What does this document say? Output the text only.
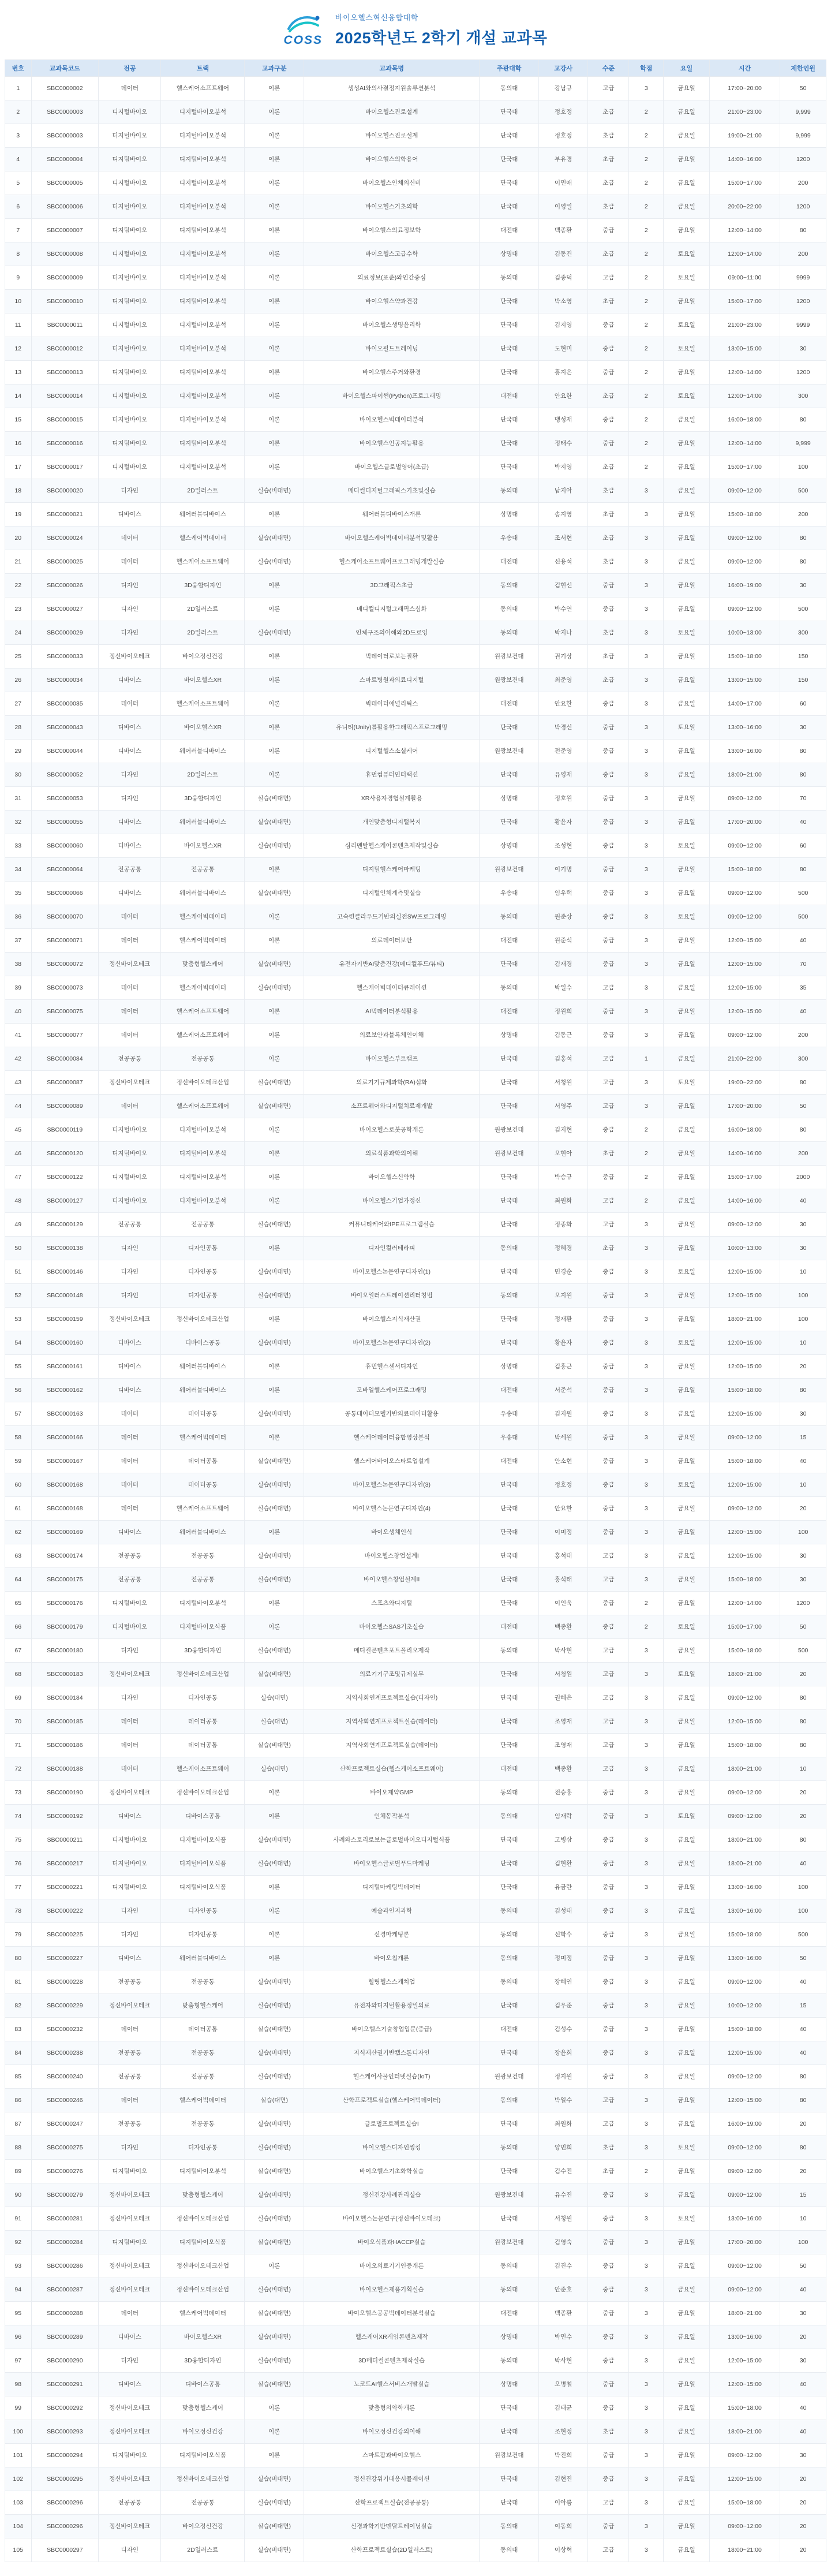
COSS
바이오헬스혁신융합대학
2025학년도 2학기 개설 교과목
번호	교과목코드	전공	트랙	교과구분	교과목명	주관대학	교강사	수준	학점	요일	시간	제한인원
1	SBC0000002	데이터	헬스케어소프트웨어	이론	생성AI와의사결정지원솔루션분석	동의대	강남규	고급	3	금요일	17:00~20:00	50
2	SBC0000003	디지털바이오	디지털바이오분석	이론	바이오헬스진로설계	단국대	정호정	초급	2	금요일	21:00~23:00	9,999
3	SBC0000003	디지털바이오	디지털바이오분석	이론	바이오헬스진로설계	단국대	정호정	초급	2	금요일	19:00~21:00	9,999
4	SBC0000004	디지털바이오	디지털바이오분석	이론	바이오헬스의학용어	단국대	부유경	초급	2	금요일	14:00~16:00	1200
5	SBC0000005	디지털바이오	디지털바이오분석	이론	바이오헬스인체의신비	단국대	이민애	초급	2	금요일	15:00~17:00	200
6	SBC0000006	디지털바이오	디지털바이오분석	이론	바이오헬스기초의학	단국대	이영일	초급	2	금요일	20:00~22:00	1200
7	SBC0000007	디지털바이오	디지털바이오분석	이론	바이오헬스의료정보학	대전대	백종환	중급	2	금요일	12:00~14:00	80
8	SBC0000008	디지털바이오	디지털바이오분석	이론	바이오헬스고급수학	상명대	김동건	초급	2	토요일	12:00~14:00	200
9	SBC0000009	디지털바이오	디지털바이오분석	이론	의료정보(표준)와인간중심	동의대	김종덕	고급	2	토요일	09:00~11:00	9999
10	SBC0000010	디지털바이오	디지털바이오분석	이론	바이오헬스약과건강	단국대	박소영	초급	2	금요일	15:00~17:00	1200
11	SBC0000011	디지털바이오	디지털바이오분석	이론	바이오헬스생명윤리학	단국대	김지영	중급	2	토요일	21:00~23:00	9999
12	SBC0000012	디지털바이오	디지털바이오분석	이론	바이오필드트레이닝	단국대	도현미	중급	2	토요일	13:00~15:00	30
13	SBC0000013	디지털바이오	디지털바이오분석	이론	바이오헬스주거와환경	단국대	홍지은	중급	2	금요일	12:00~14:00	1200
14	SBC0000014	디지털바이오	디지털바이오분석	이론	바이오헬스파이썬(Python)프로그래밍	대전대	안요한	초급	2	토요일	12:00~14:00	300
15	SBC0000015	디지털바이오	디지털바이오분석	이론	바이오헬스빅데이터분석	단국대	맹성재	중급	2	금요일	16:00~18:00	80
16	SBC0000016	디지털바이오	디지털바이오분석	이론	바이오헬스인공지능활용	단국대	정태수	중급	2	금요일	12:00~14:00	9,999
17	SBC0000017	디지털바이오	디지털바이오분석	이론	바이오헬스글로벌영어(초급)	단국대	박지영	초급	2	금요일	15:00~17:00	100
18	SBC0000020	디자인	2D일러스트	실습(비대면)	메디컬디지털그래픽스기초및실습	동의대	남지아	초급	3	금요일	09:00~12:00	500
19	SBC0000021	디바이스	웨어러블디바이스	이론	웨어러블디바이스개론	상명대	송지영	초급	3	금요일	15:00~18:00	200
20	SBC0000024	데이터	헬스케어빅데이터	실습(비대면)	바이오헬스케어빅데이터분석및활용	우송대	조서현	초급	3	금요일	09:00~12:00	80
21	SBC0000025	데이터	헬스케어소프트웨어	실습(비대면)	헬스케어소프트웨어프로그래밍개발실습	대전대	신용석	초급	3	금요일	09:00~12:00	80
22	SBC0000026	디자인	3D융합디자인	이론	3D그래픽스초급	동의대	김현선	중급	3	금요일	16:00~19:00	30
23	SBC0000027	디자인	2D일러스트	이론	메디컬디지털그래픽스심화	동의대	박수연	중급	3	금요일	09:00~12:00	500
24	SBC0000029	디자인	2D일러스트	실습(비대면)	인체구조의이해와2D드로잉	동의대	박지나	초급	3	토요일	10:00~13:00	300
25	SBC0000033	정신바이오테크	바이오정신건강	이론	빅데이터로보는질환	원광보건대	권기상	초급	3	금요일	15:00~18:00	150
26	SBC0000034	디바이스	바이오헬스XR	이론	스마트병원과의료디지털	원광보건대	최준영	초급	3	금요일	13:00~15:00	150
27	SBC0000035	데이터	헬스케어소프트웨어	이론	빅데이터애널리틱스	대전대	안요한	중급	3	금요일	14:00~17:00	60
28	SBC0000043	디바이스	바이오헬스XR	이론	유니티(Unity)를활용한그래픽스프로그래밍	단국대	박경신	중급	3	토요일	13:00~16:00	30
29	SBC0000044	디바이스	웨어러블디바이스	이론	디지털헬스소셜케어	원광보건대	전준영	중급	3	금요일	13:00~16:00	80
30	SBC0000052	디자인	2D일러스트	이론	휴먼컴퓨터인터랙션	단국대	유영재	중급	3	금요일	18:00~21:00	80
31	SBC0000053	디자인	3D융합디자인	실습(비대면)	XR사용자경험설계활용	상명대	정호원	중급	3	금요일	09:00~12:00	70
32	SBC0000055	디바이스	웨어러블디바이스	실습(비대면)	개인맞춤형디지털복지	단국대	황윤자	중급	3	금요일	17:00~20:00	40
33	SBC0000060	디바이스	바이오헬스XR	실습(비대면)	심리멘탈헬스케어콘텐츠제작및실습	상명대	조성현	중급	3	토요일	09:00~12:00	60
34	SBC0000064	전공공통	전공공통	이론	디지털헬스케어마케팅	원광보건대	이기명	중급	3	금요일	15:00~18:00	80
35	SBC0000066	디바이스	웨어러블디바이스	실습(비대면)	디지털인체계측및실습	우송대	임우택	중급	3	금요일	09:00~12:00	500
36	SBC0000070	데이터	헬스케어빅데이터	이론	고숙련클라우드기반의실전SW프로그래밍	동의대	원준상	중급	3	토요일	09:00~12:00	500
37	SBC0000071	데이터	헬스케어빅데이터	이론	의료데이터보안	대전대	원준석	중급	3	금요일	12:00~15:00	40
38	SBC0000072	정신바이오테크	맞춤형헬스케어	실습(비대면)	유전자기반AI맞춤건강(메디컬푸드/뷰티)	단국대	김재경	중급	3	금요일	12:00~15:00	70
39	SBC0000073	데이터	헬스케어빅데이터	실습(비대면)	헬스케어빅데이터큐레이션	동의대	박일수	고급	3	금요일	12:00~15:00	35
40	SBC0000075	데이터	헬스케어소프트웨어	이론	AI빅데이터분석활용	대전대	정원희	중급	3	금요일	12:00~15:00	40
41	SBC0000077	데이터	헬스케어소프트웨어	이론	의료보안과블록체인이해	상명대	김동근	중급	3	금요일	09:00~12:00	200
42	SBC0000084	전공공통	전공공통	이론	바이오헬스부트캠프	단국대	김홍석	고급	1	금요일	21:00~22:00	300
43	SBC0000087	정신바이오테크	정신바이오테크산업	실습(비대면)	의료기기규제과학(RA)심화	단국대	서청원	고급	3	토요일	19:00~22:00	80
44	SBC0000089	데이터	헬스케어소프트웨어	실습(비대면)	소프트웨어와디지털치료제개발	단국대	서영주	고급	3	금요일	17:00~20:00	50
45	SBC0000119	디지털바이오	디지털바이오분석	이론	바이오헬스로봇공학개론	원광보건대	김지현	중급	2	금요일	16:00~18:00	80
46	SBC0000120	디지털바이오	디지털바이오분석	이론	의료식품과학의이해	원광보건대	오현아	초급	2	금요일	14:00~16:00	200
47	SBC0000122	디지털바이오	디지털바이오분석	이론	바이오헬스신약학	단국대	박승규	중급	2	금요일	15:00~17:00	2000
48	SBC0000127	디지털바이오	디지털바이오분석	이론	바이오헬스기업가정신	단국대	최원화	고급	2	금요일	14:00~16:00	40
49	SBC0000129	전공공통	전공공통	실습(비대면)	커뮤니티케어와IPE프로그램실습	단국대	정종화	고급	3	금요일	09:00~12:00	30
50	SBC0000138	디자인	디자인공통	이론	디자인컬러테라피	동의대	정혜경	초급	3	금요일	10:00~13:00	30
51	SBC0000146	디자인	디자인공통	실습(비대면)	바이오헬스논문연구디자인(1)	단국대	민경순	중급	3	토요일	12:00~15:00	10
52	SBC0000148	디자인	디자인공통	실습(비대면)	바이오일러스트레이션리터칭법	동의대	오지원	중급	3	금요일	12:00~15:00	100
53	SBC0000159	정신바이오테크	정신바이오테크산업	이론	바이오헬스지식재산권	단국대	정재환	중급	3	금요일	18:00~21:00	100
54	SBC0000160	디바이스	디바이스공통	실습(비대면)	바이오헬스논문연구디자인(2)	단국대	황윤자	중급	3	토요일	12:00~15:00	10
55	SBC0000161	디바이스	웨어러블디바이스	이론	휴먼헬스센서디자인	상명대	김홍근	중급	3	금요일	12:00~15:00	20
56	SBC0000162	디바이스	웨어러블디바이스	이론	모바일헬스케어프로그래밍	대전대	서준석	중급	3	금요일	15:00~18:00	80
57	SBC0000163	데이터	데이터공통	실습(비대면)	공통데이터모델기반의료데이터활용	우송대	김지원	중급	3	금요일	12:00~15:00	30
58	SBC0000166	데이터	헬스케어빅데이터	이론	헬스케어데이터융합영상분석	우송대	박세원	중급	3	금요일	09:00~12:00	15
59	SBC0000167	데이터	데이터공통	실습(비대면)	헬스케어바이오스타트업설계	대전대	안소현	중급	3	금요일	15:00~18:00	40
60	SBC0000168	데이터	데이터공통	실습(비대면)	바이오헬스논문연구디자인(3)	단국대	정호정	중급	3	토요일	12:00~15:00	10
61	SBC0000168	데이터	헬스케어소프트웨어	실습(비대면)	바이오헬스논문연구디자인(4)	단국대	안요한	중급	3	금요일	09:00~12:00	20
62	SBC0000169	디바이스	웨어러블디바이스	이론	바이오생체인식	단국대	이미정	중급	3	금요일	12:00~15:00	100
63	SBC0000174	전공공통	전공공통	실습(비대면)	바이오헬스창업설계I	단국대	홍석태	고급	3	금요일	12:00~15:00	30
64	SBC0000175	전공공통	전공공통	실습(비대면)	바이오헬스창업설계II	단국대	홍석태	고급	3	금요일	15:00~18:00	30
65	SBC0000176	디지털바이오	디지털바이오분석	이론	스포츠와디지털	단국대	이인욱	중급	2	금요일	12:00~14:00	1200
66	SBC0000179	디지털바이오	디지털바이오식품	이론	바이오헬스SAS기초실습	대전대	백종환	중급	2	토요일	15:00~17:00	50
67	SBC0000180	디자인	3D융합디자인	실습(비대면)	메디컬콘텐츠포트폴리오제작	동의대	박사현	고급	3	금요일	15:00~18:00	500
68	SBC0000183	정신바이오테크	정신바이오테크산업	실습(비대면)	의료기기구조및규제실무	단국대	서청원	고급	3	토요일	18:00~21:00	20
69	SBC0000184	디자인	디자인공통	실습(대면)	지역사회연계프로젝트실습(디자인)	단국대	권혜은	고급	3	금요일	09:00~12:00	80
70	SBC0000185	데이터	데이터공통	실습(대면)	지역사회연계프로젝트실습(데이터)	단국대	조영재	고급	3	금요일	12:00~15:00	80
71	SBC0000186	데이터	데이터공통	실습(비대면)	지역사회연계프로젝트실습(데이터)	단국대	조영재	고급	3	금요일	15:00~18:00	80
72	SBC0000188	데이터	헬스케어소프트웨어	실습(대면)	산학프로젝트실습(헬스케어소프트웨어)	대전대	백종환	고급	3	금요일	18:00~21:00	10
73	SBC0000190	정신바이오테크	정신바이오테크산업	이론	바이오제약GMP	동의대	전승홍	중급	3	금요일	09:00~12:00	20
74	SBC0000192	디바이스	디바이스공통	이론	인체동작분석	동의대	임재락	중급	3	토요일	09:00~12:00	20
75	SBC0000211	디지털바이오	디지털바이오식품	실습(비대면)	사례와스토리로보는글로벌바이오디지털식품	단국대	고병삼	중급	3	금요일	18:00~21:00	80
76	SBC0000217	디지털바이오	디지털바이오식품	실습(비대면)	바이오헬스글로벌푸드마케팅	단국대	김현환	중급	3	금요일	18:00~21:00	40
77	SBC0000221	디지털바이오	디지털바이오식품	이론	디지털마케팅빅데이터	단국대	유금란	중급	3	금요일	13:00~16:00	100
78	SBC0000222	디자인	디자인공통	이론	예술과인지과학	동의대	김성태	중급	3	금요일	13:00~16:00	100
79	SBC0000225	디자인	디자인공통	이론	신경마케팅론	동의대	신학수	중급	3	금요일	15:00~18:00	500
80	SBC0000227	디바이스	웨어러블디바이스	이론	바이오칩개론	동의대	정미정	중급	3	금요일	13:00~16:00	50
81	SBC0000228	전공공통	전공공통	실습(비대면)	힐링헬스스케치업	동의대	장혜연	중급	3	금요일	09:00~12:00	40
82	SBC0000229	정신바이오테크	맞춤형헬스케어	실습(비대면)	유전자와디지털활용정밀의료	단국대	김우준	중급	3	금요일	10:00~12:00	15
83	SBC0000232	데이터	데이터공통	실습(비대면)	바이오헬스기술창업입문(중급)	대전대	김성수	중급	3	금요일	15:00~18:00	40
84	SBC0000238	전공공통	전공공통	실습(비대면)	지식재산권기반캡스톤디자인	단국대	장윤희	중급	3	금요일	12:00~15:00	40
85	SBC0000240	전공공통	전공공통	실습(비대면)	헬스케어사물인터넷실습(IoT)	원광보건대	정지원	중급	3	금요일	09:00~12:00	80
86	SBC0000246	데이터	헬스케어빅데이터	실습(대면)	산학프로젝트실습(헬스케어빅데이터)	동의대	박일수	고급	3	금요일	12:00~15:00	80
87	SBC0000247	전공공통	전공공통	실습(비대면)	글로벌프로젝트실습I	단국대	최원화	고급	3	금요일	16:00~19:00	20
88	SBC0000275	디자인	디자인공통	실습(비대면)	바이오헬스디자인씽킹	동의대	양민희	초급	3	토요일	09:00~12:00	80
89	SBC0000276	디지털바이오	디지털바이오분석	실습(비대면)	바이오헬스기초화학실습	단국대	김수진	초급	2	금요일	09:00~12:00	20
90	SBC0000279	정신바이오테크	맞춤형헬스케어	실습(비대면)	정신건강사례관리실습	원광보건대	유수진	중급	3	금요일	09:00~12:00	15
91	SBC0000281	정신바이오테크	정신바이오테크산업	실습(비대면)	바이오헬스논문연구(정신바이오테크)	단국대	서청원	중급	3	토요일	13:00~16:00	10
92	SBC0000284	디지털바이오	디지털바이오식품	실습(비대면)	바이오식품과HACCP실습	원광보건대	김영숙	중급	3	금요일	17:00~20:00	100
93	SBC0000286	정신바이오테크	정신바이오테크산업	이론	바이오의료기기인증개론	동의대	김진수	중급	3	금요일	09:00~12:00	50
94	SBC0000287	정신바이오테크	정신바이오테크산업	실습(비대면)	바이오헬스제품기획실습	동의대	안준호	중급	3	금요일	09:00~12:00	40
95	SBC0000288	데이터	헬스케어빅데이터	실습(비대면)	바이오헬스공공빅데이터분석실습	대전대	백종환	중급	3	금요일	18:00~21:00	30
96	SBC0000289	디바이스	바이오헬스XR	실습(비대면)	헬스케어XR게임콘텐츠제작	상명대	박민수	중급	3	금요일	13:00~16:00	20
97	SBC0000290	디자인	3D융합디자인	실습(비대면)	3D메디컬콘텐츠제작실습	동의대	박사현	중급	3	금요일	12:00~15:00	30
98	SBC0000291	디바이스	디바이스공통	실습(비대면)	노코드AI헬스서비스개발실습	상명대	오병철	중급	3	금요일	12:00~15:00	40
99	SBC0000292	정신바이오테크	맞춤형헬스케어	이론	맞춤형의약학개론	단국대	김태균	중급	3	금요일	15:00~18:00	40
100	SBC0000293	정신바이오테크	바이오정신건강	이론	바이오정신건강의이해	단국대	조현정	초급	3	금요일	18:00~21:00	40
101	SBC0000294	디지털바이오	디지털바이오식품	이론	스마트팜과바이오헬스	원광보건대	박진희	중급	3	금요일	09:00~12:00	30
102	SBC0000295	정신바이오테크	정신바이오테크산업	실습(비대면)	정신건강위기대응시뮬레이션	단국대	김현진	중급	3	금요일	12:00~15:00	20
103	SBC0000296	전공공통	전공공통	실습(비대면)	산학프로젝트실습(전공공통)	단국대	이아름	고급	3	금요일	15:00~18:00	20
104	SBC0000296	정신바이오테크	바이오정신건강	실습(비대면)	신경과학기반멘탈트레이닝실습	동의대	이동희	중급	3	금요일	09:00~12:00	20
105	SBC0000297	디자인	2D일러스트	실습(비대면)	산학프로젝트실습(2D일러스트)	동의대	이상혁	고급	3	금요일	18:00~21:00	20
